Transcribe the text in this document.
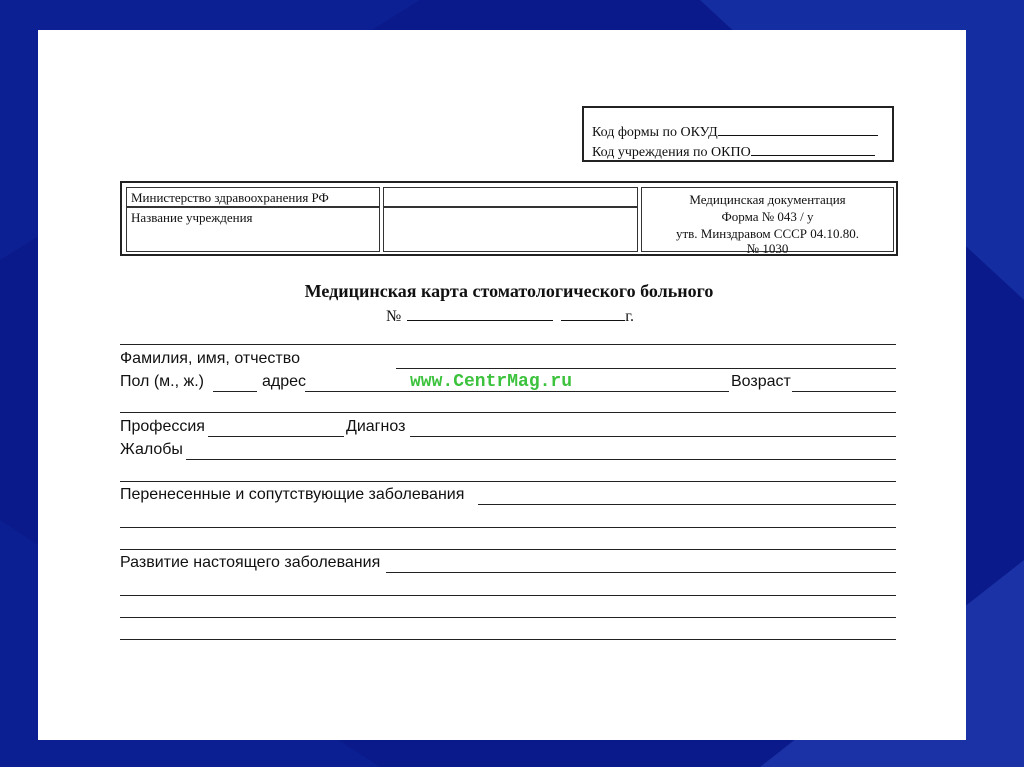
Код формы по ОКУД
Код учреждения по ОКПО
Министерство здравоохранения РФ
Название учреждения
Медицинская документация
Форма № 043 / у
утв. Минздравом СССР 04.10.80.
№ 1030
Медицинская карта стоматологического больного
№	г.
Фамилия, имя, отчество
Пол (м., ж.)	адрес	www.CentrMag.ru	Возраст
Профессия	Диагноз
Жалобы
Перенесенные и сопутствующие заболевания
Развитие настоящего заболевания
